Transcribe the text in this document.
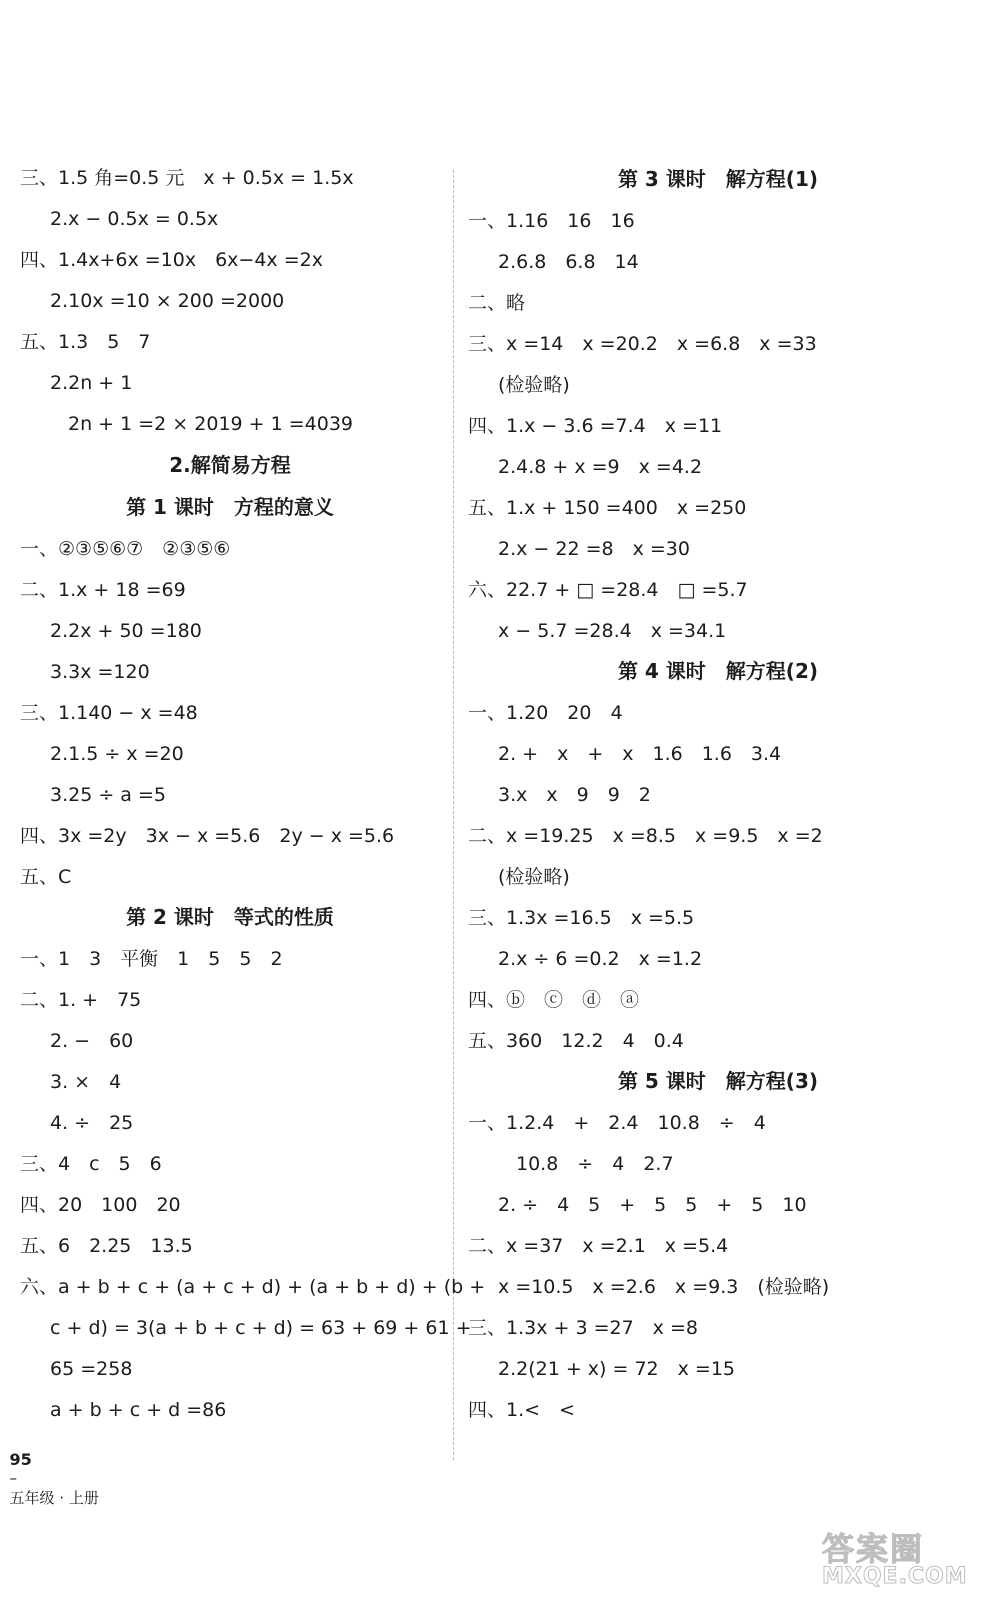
三、1.5 角=0.5 元　x + 0.5x = 1.5x
2.x − 0.5x = 0.5x
四、1.4x+6x =10x　6x−4x =2x
2.10x =10 × 200 =2000
五、1.3　5　7
2.2n + 1
2n + 1 =2 × 2019 + 1 =4039
2.解简易方程
第 1 课时　方程的意义
一、②③⑤⑥⑦　②③⑤⑥
二、1.x + 18 =69
2.2x + 50 =180
3.3x =120
三、1.140 − x =48
2.1.5 ÷ x =20
3.25 ÷ a =5
四、3x =2y　3x − x =5.6　2y − x =5.6
五、C
第 2 课时　等式的性质
一、1　3　平衡　1　5　5　2
二、1. +　75
2. −　60
3. ×　4
4. ÷　25
三、4　c　5　6
四、20　100　20
五、6　2.25　13.5
六、a + b + c + (a + c + d) + (a + b + d) + (b +
c + d) = 3(a + b + c + d) = 63 + 69 + 61 +
65 =258
a + b + c + d =86
第 3 课时　解方程(1)
一、1.16　16　16
2.6.8　6.8　14
二、略
三、x =14　x =20.2　x =6.8　x =33
(检验略)
四、1.x − 3.6 =7.4　x =11
2.4.8 + x =9　x =4.2
五、1.x + 150 =400　x =250
2.x − 22 =8　x =30
六、22.7 + □ =28.4　□ =5.7
x − 5.7 =28.4　x =34.1
第 4 课时　解方程(2)
一、1.20　20　4
2. +　x　+　x　1.6　1.6　3.4
3.x　x　9　9　2
二、x =19.25　x =8.5　x =9.5　x =2
(检验略)
三、1.3x =16.5　x =5.5
2.x ÷ 6 =0.2　x =1.2
四、ⓑ　ⓒ　ⓓ　ⓐ
五、360　12.2　4　0.4
第 5 课时　解方程(3)
一、1.2.4　+　2.4　10.8　÷　4
10.8　÷　4　2.7
2. ÷　4　5　+　5　5　+　5　10
二、x =37　x =2.1　x =5.4
x =10.5　x =2.6　x =9.3　(检验略)
三、1.3x + 3 =27　x =8
2.2(21 + x) = 72　x =15
四、1.<　<

95
–
五年级 · 上册

答案圈
MXQE.COM
